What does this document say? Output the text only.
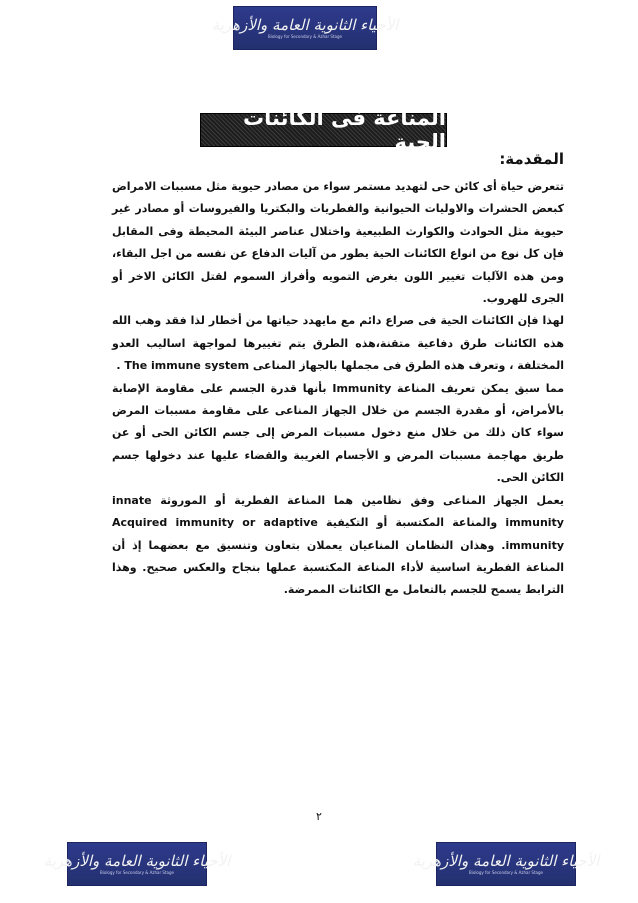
الأحياء الثانوية العامة والأزهرية
Biology for Secondary & Azhar Stage
المناعة فى الكائنات الحية
المقدمة:

تتعرض حياة أى كائن حى لتهديد مستمر سواء من مصادر حيوية مثل مسببات الامراض كبعض الحشرات والاوليات الحيوانية والفطريات والبكتريا والفيروسات أو مصادر غير حيوية مثل الحوادث والكوارث الطبيعية واختلال عناصر البيئة المحيطة وفى المقابل فإن كل نوع من انواع الكائنات الحية يطور من آليات الدفاع عن نفسه من اجل البقاء، ومن هذه الآليات تغيير اللون بغرض التمويه وأفراز السموم لقتل الكائن الاخر أو الجرى للهروب.

لهذا فإن الكائنات الحية فى صراع دائم مع مايهدد حياتها من أخطار لذا فقد وهب الله هذه الكائنات طرق دفاعية متقنة،هذه الطرق يتم تغييرها لمواجهة اساليب العدو المختلفة ، وتعرف هذه الطرق فى مجملها بالجهاز المناعى The immune system .

مما سبق يمكن تعريف المناعة Immunity بأنها قدرة الجسم على مقاومة الإصابة بالأمراض، أو مقدرة الجسم من خلال الجهاز المناعى على مقاومة مسببات المرض سواء كان ذلك من خلال منع دخول مسببات المرض إلى جسم الكائن الحى أو عن طريق مهاجمة مسببات المرض و الأجسام الغريبة والقضاء عليها عند دخولها جسم الكائن الحى.

يعمل الجهاز المناعى وفق نظامين هما المناعة الفطرية أو الموروثة innate immunity والمناعة المكتسبة أو التكيفية Acquired immunity or adaptive immunity. وهذان النظامان المناعيان يعملان بتعاون وتنسيق مع بعضهما إذ أن المناعة الفطرية اساسية لأداء المناعة المكتسبة عملها بنجاح والعكس صحيح. وهذا الترابط يسمح للجسم بالتعامل مع الكائنات الممرضة.

٢
الأحياء الثانوية العامة والأزهرية
Biology for Secondary & Azhar Stage
الأحياء الثانوية العامة والأزهرية
Biology for Secondary & Azhar Stage
